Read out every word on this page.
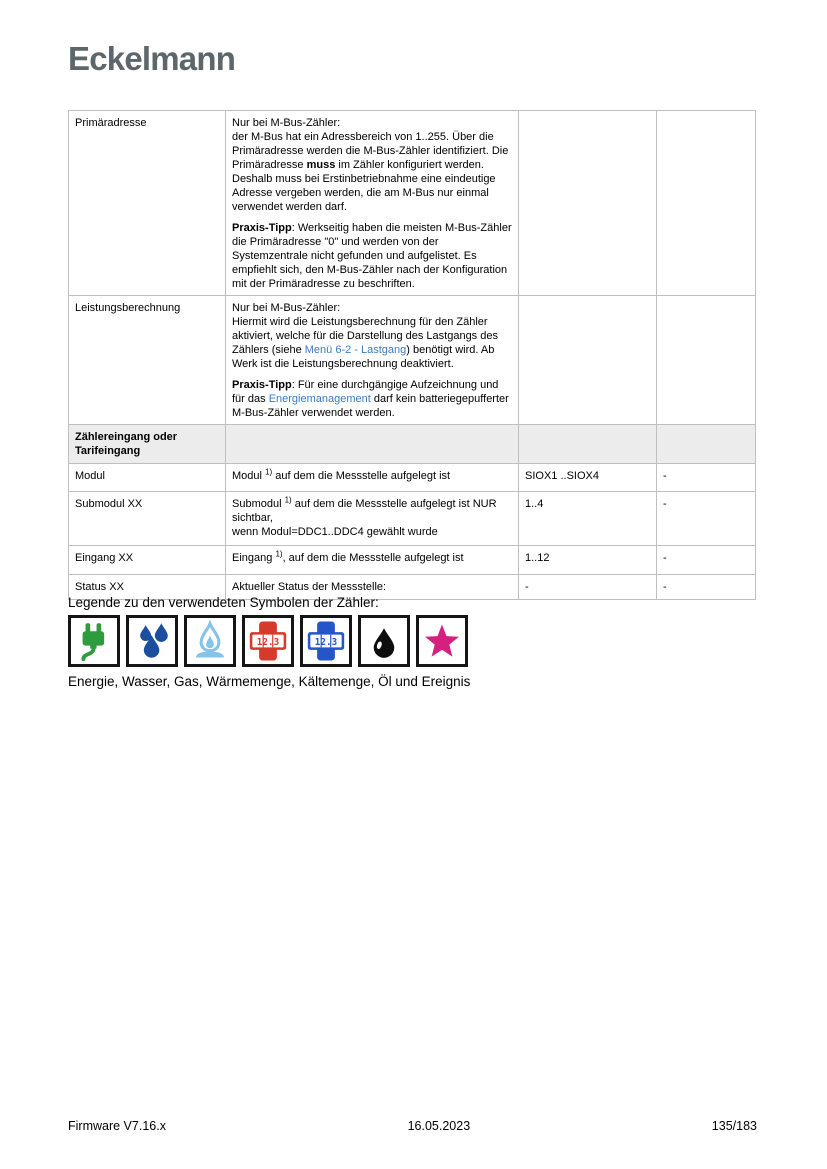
Eckelmann
Primäradresse	Nur bei M-Bus-Zähler:
der M-Bus hat ein Adressbereich von 1..255. Über die Primäradresse werden die M-Bus-Zähler identifiziert. Die Primäradresse muss im Zähler konfiguriert werden. Deshalb muss bei Erstinbetriebnahme eine eindeutige Adresse vergeben werden, die am M-Bus nur einmal verwendet werden darf.

Praxis-Tipp: Werkseitig haben die meisten M-Bus-Zähler die Primäradresse "0" und werden von der Systemzentrale nicht gefunden und aufgelistet. Es empfiehlt sich, den M-Bus-Zähler nach der Konfiguration mit der Primäradresse zu beschriften.		

Leistungsberechnung	Nur bei M-Bus-Zähler:
Hiermit wird die Leistungsberechnung für den Zähler aktiviert, welche für die Darstellung des Lastgangs des Zählers (siehe Menü 6-2 - Lastgang) benötigt wird. Ab Werk ist die Leistungsberechnung deaktiviert.

Praxis-Tipp: Für eine durchgängige Aufzeichnung und für das Energiemanagement darf kein batteriegepufferter M-Bus-Zähler verwendet werden.		

Zählereingang oder Tarifeingang			
Modul	Modul $^{1)}$ auf dem die Messstelle aufgelegt ist	SIOX1 ..SIOX4	-
Submodul XX	Submodul $^{1)}$ auf dem die Messstelle aufgelegt ist NUR sichtbar,
wenn Modul=DDC1..DDC4 gewählt wurde	1..4	-
Eingang XX	Eingang $^{1)}$, auf dem die Messstelle aufgelegt ist	1..12	-
Status XX	Aktueller Status der Messstelle:	-	-
Legende zu den verwendeten Symbolen der Zähler:
12.3	12.3
Energie, Wasser, Gas, Wärmemenge, Kältemenge, Öl und Ereignis
Firmware V7.16.x	16.05.2023	135/183
